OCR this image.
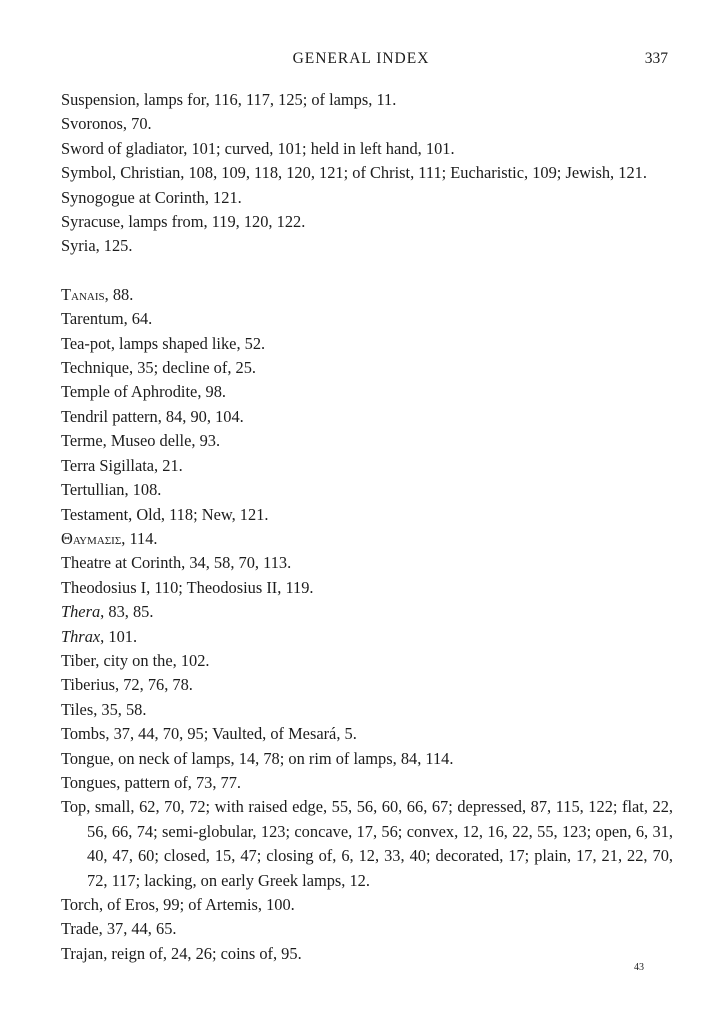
GENERAL INDEX	337
Suspension, lamps for, 116, 117, 125; of lamps, 11.
Svoronos, 70.
Sword of gladiator, 101; curved, 101; held in left hand, 101.
Symbol, Christian, 108, 109, 118, 120, 121; of Christ, 111; Eucharistic, 109; Jewish, 121.
Synogogue at Corinth, 121.
Syracuse, lamps from, 119, 120, 122.
Syria, 125.
Tanais, 88.
Tarentum, 64.
Tea-pot, lamps shaped like, 52.
Technique, 35; decline of, 25.
Temple of Aphrodite, 98.
Tendril pattern, 84, 90, 104.
Terme, Museo delle, 93.
Terra Sigillata, 21.
Tertullian, 108.
Testament, Old, 118; New, 121.
Θαυμασις, 114.
Theatre at Corinth, 34, 58, 70, 113.
Theodosius I, 110; Theodosius II, 119.
Thera, 83, 85.
Thrax, 101.
Tiber, city on the, 102.
Tiberius, 72, 76, 78.
Tiles, 35, 58.
Tombs, 37, 44, 70, 95; Vaulted, of Mesará, 5.
Tongue, on neck of lamps, 14, 78; on rim of lamps, 84, 114.
Tongues, pattern of, 73, 77.
Top, small, 62, 70, 72; with raised edge, 55, 56, 60, 66, 67; depressed, 87, 115, 122; flat, 22, 56, 66, 74; semi-globular, 123; concave, 17, 56; convex, 12, 16, 22, 55, 123; open, 6, 31, 40, 47, 60; closed, 15, 47; closing of, 6, 12, 33, 40; decorated, 17; plain, 17, 21, 22, 70, 72, 117; lacking, on early Greek lamps, 12.
Torch, of Eros, 99; of Artemis, 100.
Trade, 37, 44, 65.
Trajan, reign of, 24, 26; coins of, 95.
43
